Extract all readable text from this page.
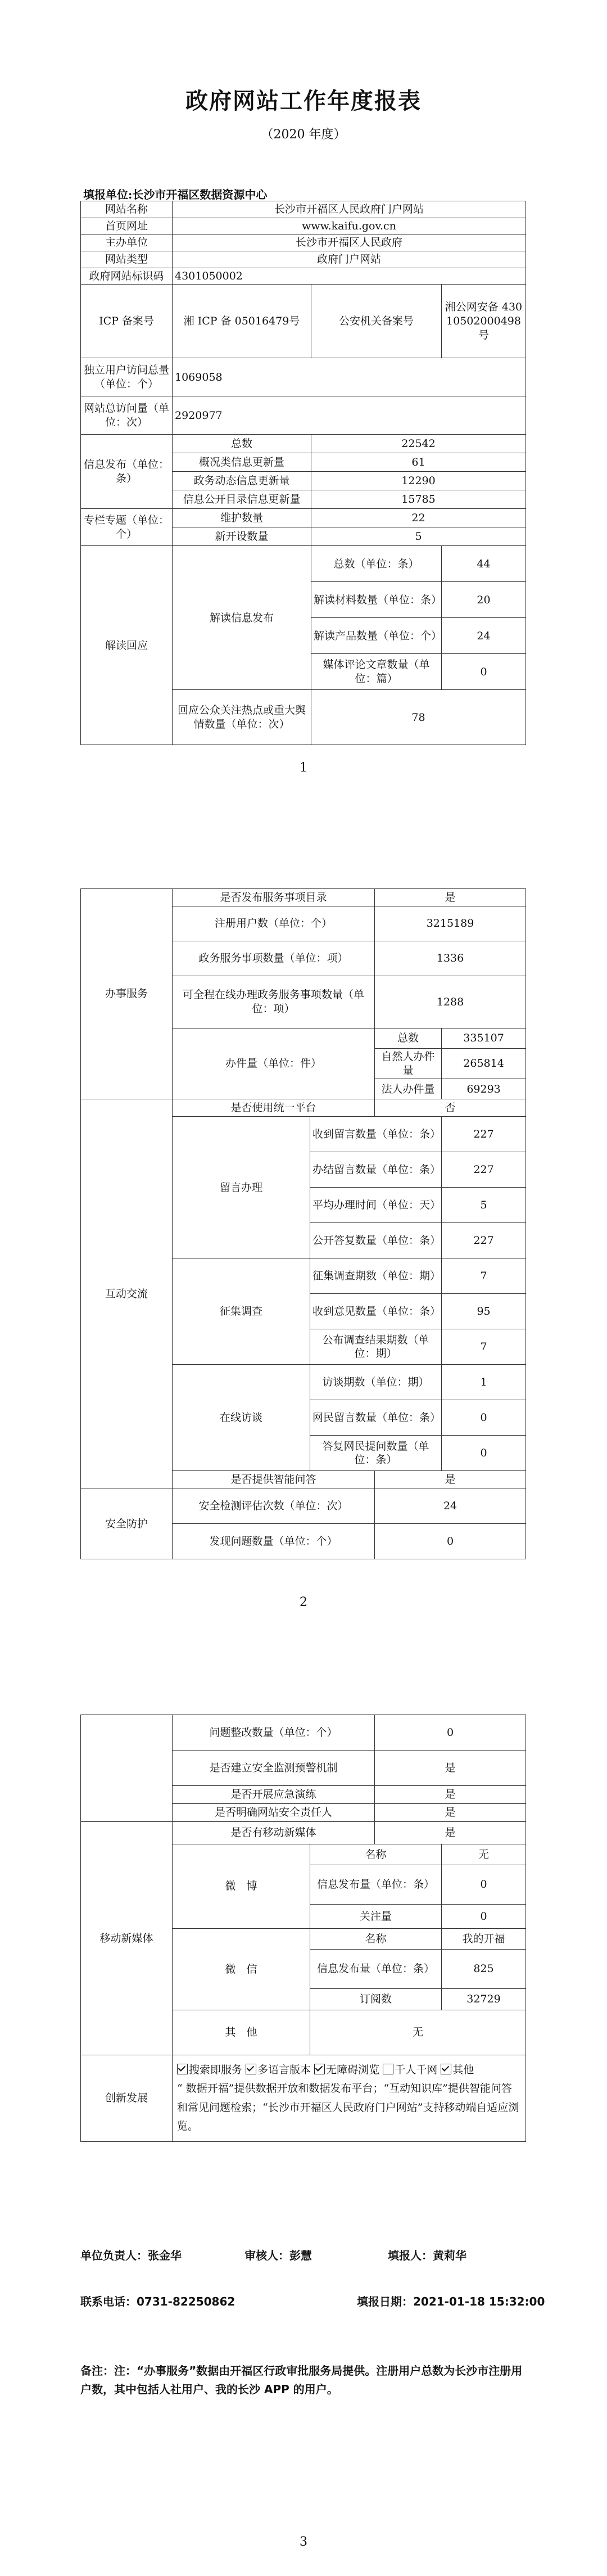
政府网站工作年度报表
（2020 年度）
填报单位:长沙市开福区数据资源中心
网站名称	长沙市开福区人民政府门户网站		
首页网址	www.kaifu.gov.cn		
主办单位	长沙市开福区人民政府		
网站类型	政府门户网站		
政府网站标识码	4301050002		
ICP 备案号	湘 ICP 备 05016479号	公安机关备案号	湘公网安备 43010502000498 号
独立用户访问总量（单位：个）	1069058		
网站总访问量（单位：次）	2920977		
信息发布（单位：条）	总数	22542	
	概况类信息更新量	61	
	政务动态信息更新量	12290	
	信息公开目录信息更新量	15785	
专栏专题（单位：个）	维护数量	22	
	新开设数量	5	
解读回应	解读信息发布	总数（单位：条）	44
		解读材料数量（单位：条）	20
		解读产品数量（单位：个）	24
		媒体评论文章数量（单位：篇）	0
	回应公众关注热点或重大舆情数量（单位：次）	78	
1
办事服务	是否发布服务事项目录		是	
	注册用户数（单位：个）		3215189	
	政务服务事项数量（单位：项）		1336	
	可全程在线办理政务服务事项数量（单位：项）		1288	
	办件量（单位：件）		总数	335107
			自然人办件量	265814
			法人办件量	69293
互动交流	是否使用统一平台		否	
	留言办理	收到留言数量（单位：条）		227
		办结留言数量（单位：条）		227
		平均办理时间（单位：天）		5
		公开答复数量（单位：条）		227
	征集调查	征集调查期数（单位：期）		7
		收到意见数量（单位：条）		95
		公布调查结果期数（单位：期）		7
	在线访谈	访谈期数（单位：期）		1
		网民留言数量（单位：条）		0
		答复网民提问数量（单位：条）		0
	是否提供智能问答		是	
安全防护	安全检测评估次数（单位：次）		24	
	发现问题数量（单位：个）		0	
2
	问题整改数量（单位：个）		0	
	是否建立安全监测预警机制		是	
	是否开展应急演练		是	
	是否明确网站安全责任人		是	
移动新媒体	是否有移动新媒体		是	
	微　博	名称		无
		信息发布量（单位：条）		0
		关注量		0
	微　信	名称		我的开福
		信息发布量（单位：条）		825
		订阅数		32729
	其　他	无		
创新发展	搜索即服务 多语言版本 无障碍浏览 千人千网 其他
“ 数据开福”提供数据开放和数据发布平台；“互动知识库”提供智能问答和常见问题检索；“长沙市开福区人民政府门户网站”支持移动端自适应浏览。			
单位负责人：张金华	审核人：彭慧	填报人：黄莉华
联系电话：0731-82250862	填报日期：2021-01-18 15:32:00
备注：注：“办事服务”数据由开福区行政审批服务局提供。注册用户总数为长沙市注册用户数，其中包括人社用户、我的长沙 APP 的用户。
3
